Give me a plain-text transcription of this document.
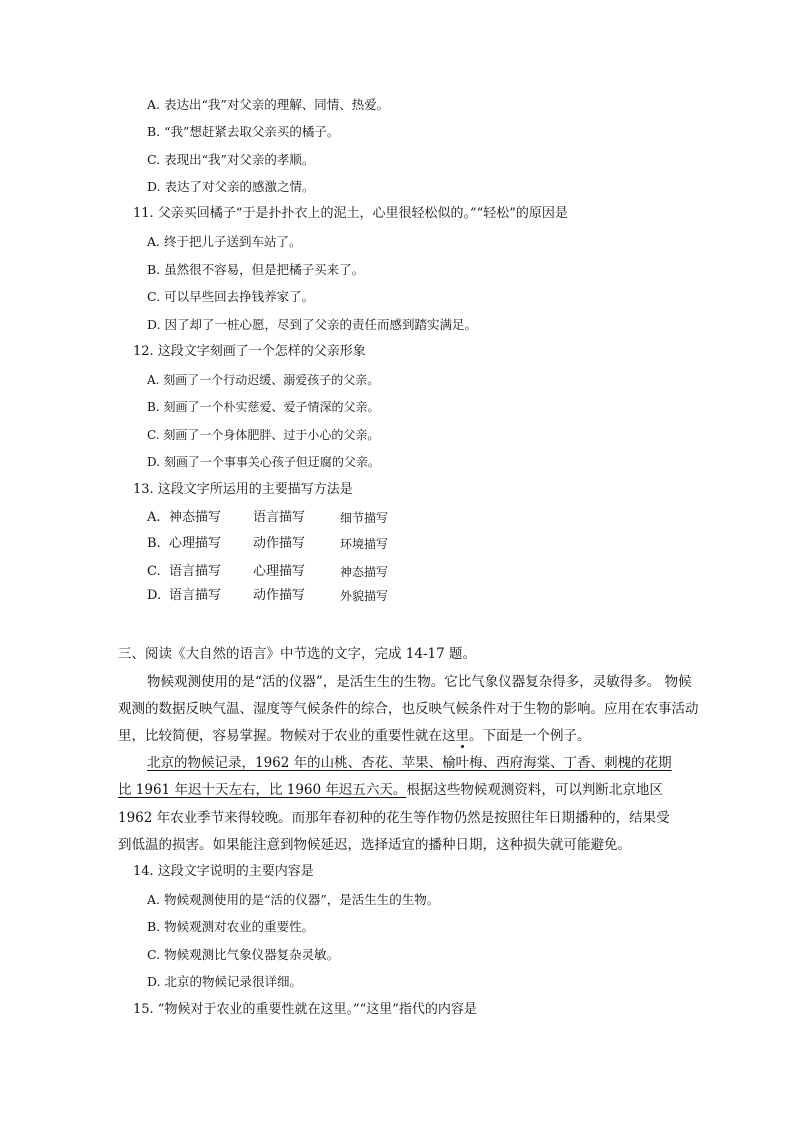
A. 表达出“我”对父亲的理解、同情、热爱。
B. “我”想赶紧去取父亲买的橘子。
C. 表现出“我”对父亲的孝顺。
D. 表达了对父亲的感激之情。
11. 父亲买回橘子“于是扑扑衣上的泥土，心里很轻松似的。”“轻松”的原因是
A. 终于把儿子送到车站了。
B. 虽然很不容易，但是把橘子买来了。
C. 可以早些回去挣钱养家了。
D. 因了却了一桩心愿，尽到了父亲的责任而感到踏实满足。
12. 这段文字刻画了一个怎样的父亲形象
A. 刻画了一个行动迟缓、溺爱孩子的父亲。
B. 刻画了一个朴实慈爱、爱子情深的父亲。
C. 刻画了一个身体肥胖、过于小心的父亲。
D. 刻画了一个事事关心孩子但迂腐的父亲。
13. 这段文字所运用的主要描写方法是
A. 神态描写 语言描写	细节描写
B. 心理描写 动作描写	环境描写
C. 语言描写 心理描写	神态描写
D. 语言描写 动作描写	外貌描写
三、阅读《大自然的语言》中节选的文字，完成 14-17 题。
物候观测使用的是“活的仪器”，是活生生的生物。它比气象仪器复杂得多，灵敏得多。 物候
观测的数据反映气温、湿度等气候条件的综合，也反映气候条件对于生物的影响。应用在农事活动
里，比较简便，容易掌握。物候对于农业的重要性就在这里。下面是一个例子。
北京的物候记录，1962 年的山桃、杏花、苹果、榆叶梅、西府海棠、丁香、刺槐的花期
比 1961 年迟十天左右，比 1960 年迟五六天。根据这些物候观测资料，可以判断北京地区
1962 年农业季节来得较晚。而那年春初种的花生等作物仍然是按照往年日期播种的，结果受
到低温的损害。如果能注意到物候延迟，选择适宜的播种日期，这种损失就可能避免。
14. 这段文字说明的主要内容是
A. 物候观测使用的是“活的仪器”，是活生生的生物。
B. 物候观测对农业的重要性。
C. 物候观测比气象仪器复杂灵敏。
D. 北京的物候记录很详细。
15. “物候对于农业的重要性就在这里。”“这里”指代的内容是
